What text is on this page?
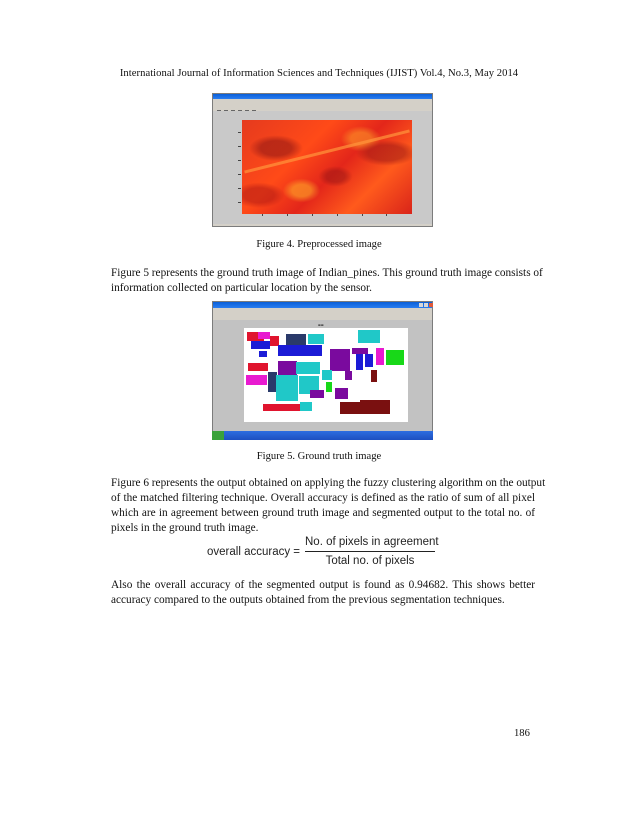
International Journal of Information Sciences and Techniques (IJIST) Vol.4, No.3, May 2014
Figure 4. Preprocessed image

Figure 5 represents the ground truth image of Indian_pines. This ground truth image consists of
information collected on particular location by the sensor.

▬▬
Figure 5. Ground truth image

Figure 6 represents the output obtained on applying the fuzzy clustering algorithm on the output
of the matched filtering technique. Overall accuracy is defined as the ratio of sum of all pixel
which are in agreement between ground truth image and segmented output to the total no. of
pixels in the ground truth image.

overall accuracy =
No. of pixels in agreement
Total no. of pixels

Also the overall accuracy of the segmented output is found as 0.94682. This shows better
accuracy compared to the outputs obtained from the previous segmentation techniques.

186
